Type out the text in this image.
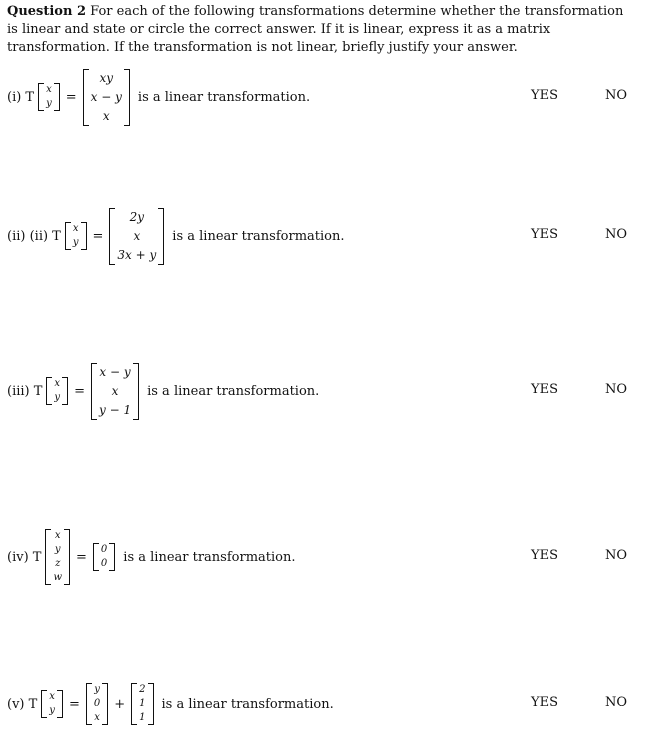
Question 2 For each of the following transformations determine whether the transformation is linear and state or circle the correct answer. If it is linear, express it as a matrix transformation. If the transformation is not linear, briefly justify your answer.
(i) T x
y =
xy
x − y
x
is a linear transformation.	YES	NO
(ii) (ii) T x
y =
2y
x
3x + y
is a linear transformation.	YES	NO
(iii) T x
y =
x − y
x
y − 1
is a linear transformation.	YES	NO
(iv) T
x
y
z
w
= 0
0 is a linear transformation.	YES	NO
(v) T x
y =
y
0
x
+
2
1
1
is a linear transformation.	YES	NO
